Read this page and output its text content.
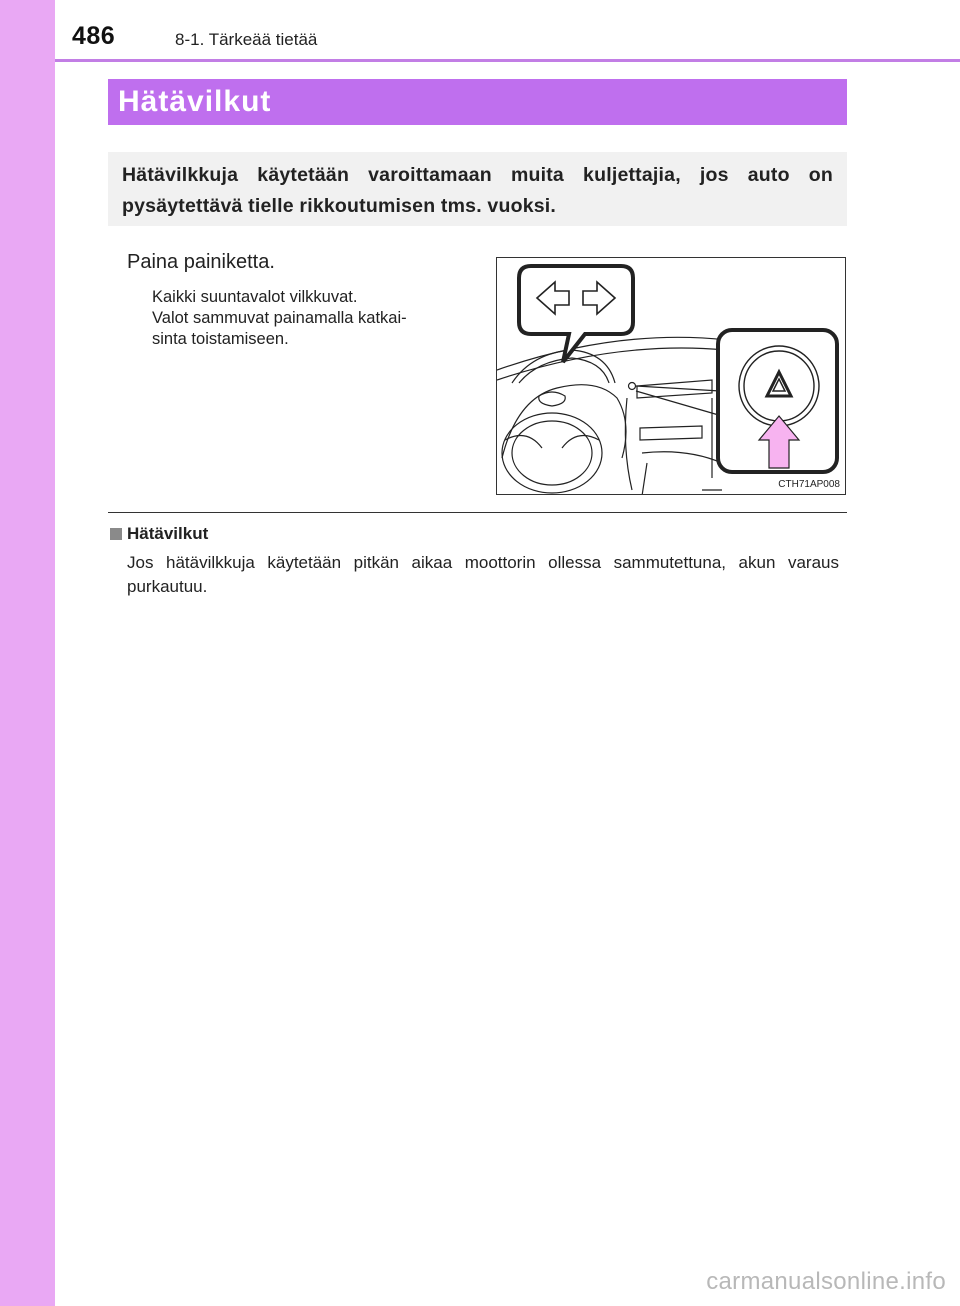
486	8-1. Tärkeää tietää
Hätävilkut
Hätävilkkuja käytetään varoittamaan muita kuljettajia, jos auto on pysäytettävä tielle rikkoutumisen tms. vuoksi.
Paina painiketta.
Kaikki suuntavalot vilkkuvat.
Valot sammuvat painamalla katkai-
sinta toistamiseen.
CTH71AP008
Hätävilkut
Jos hätävilkkuja käytetään pitkän aikaa moottorin ollessa sammutettuna, akun varaus purkautuu.
carmanualsonline.info
